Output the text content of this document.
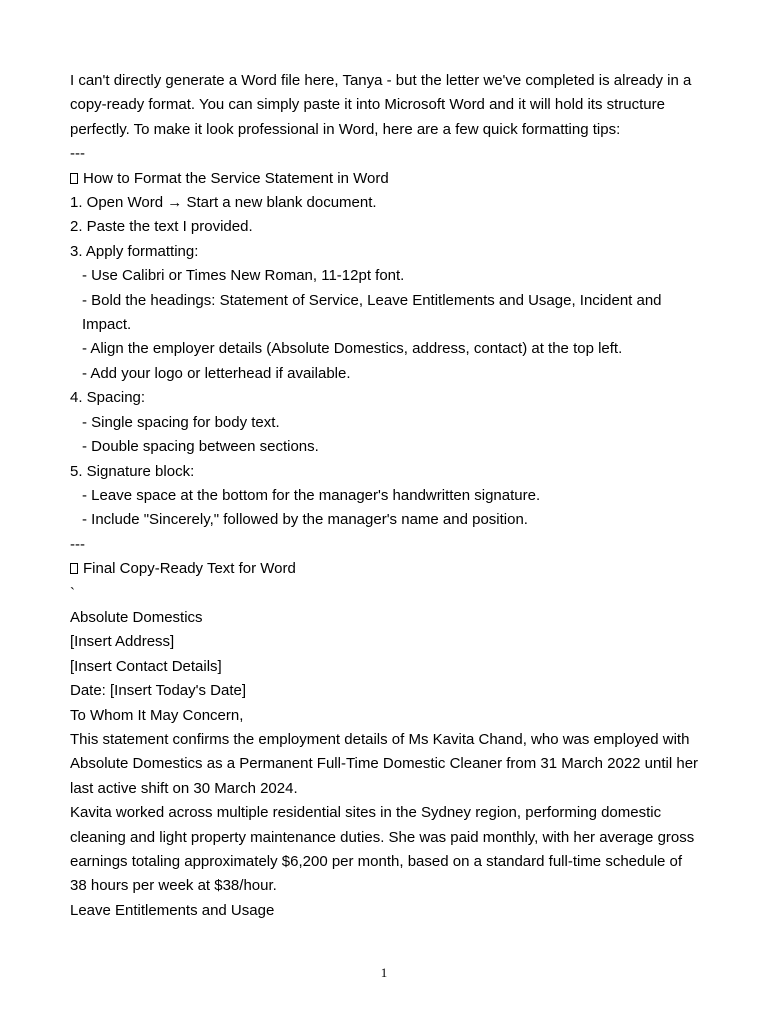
I can't directly generate a Word file here, Tanya - but the letter we've completed is already in a copy-ready format. You can simply paste it into Microsoft Word and it will hold its structure perfectly. To make it look professional in Word, here are a few quick formatting tips:

---

How to Format the Service Statement in Word

1. Open Word → Start a new blank document.

2. Paste the text I provided.

3. Apply formatting:

- Use Calibri or Times New Roman, 11-12pt font.

- Bold the headings: Statement of Service, Leave Entitlements and Usage, Incident and Impact.

- Align the employer details (Absolute Domestics, address, contact) at the top left.

- Add your logo or letterhead if available.

4. Spacing:

- Single spacing for body text.

- Double spacing between sections.

5. Signature block:

- Leave space at the bottom for the manager's handwritten signature.

- Include "Sincerely," followed by the manager's name and position.

---

Final Copy-Ready Text for Word

`

Absolute Domestics

[Insert Address]

[Insert Contact Details]

Date: [Insert Today's Date]

To Whom It May Concern,

This statement confirms the employment details of Ms Kavita Chand, who was employed with Absolute Domestics as a Permanent Full-Time Domestic Cleaner from 31 March 2022 until her last active shift on 30 March 2024.

Kavita worked across multiple residential sites in the Sydney region, performing domestic cleaning and light property maintenance duties. She was paid monthly, with her average gross earnings totaling approximately $6,200 per month, based on a standard full-time schedule of 38 hours per week at $38/hour.

Leave Entitlements and Usage

1
